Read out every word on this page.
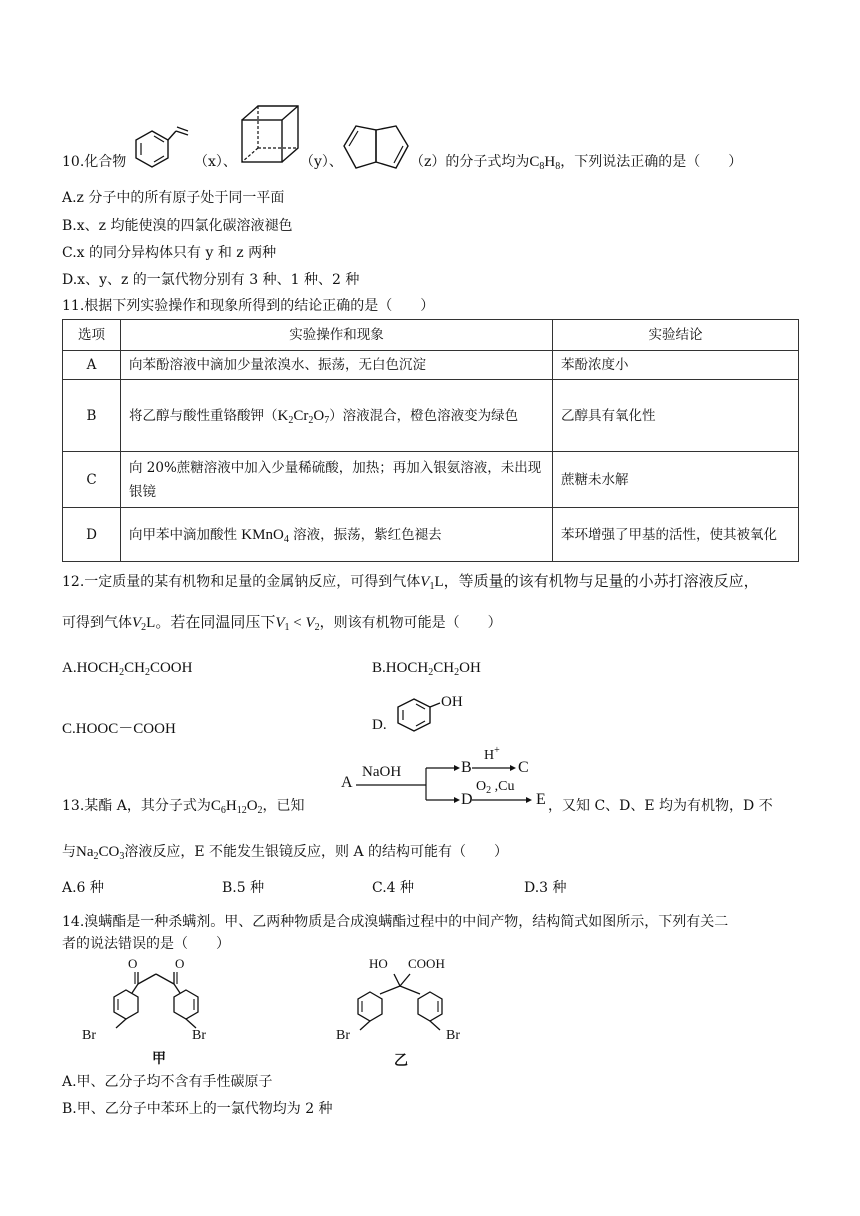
10.化合物	（x）、	（y）、	（z）的分子式均为$C_8H_8$，下列说法正确的是（　　）
A.z 分子中的所有原子处于同一平面
B.x、z 均能使溴的四氯化碳溶液褪色
C.x 的同分异构体只有 y 和 z 两种
D.x、y、z 的一氯代物分别有 3 种、1 种、2 种
11.根据下列实验操作和现象所得到的结论正确的是（　　）
选项	实验操作和现象	实验结论
A	向苯酚溶液中滴加少量浓溴水、振荡，无白色沉淀	苯酚浓度小
B	将乙醇与酸性重铬酸钾$(K_2Cr_2O_7)$溶液混合，橙色溶液变为绿色	乙醇具有氧化性
C	向 20%蔗糖溶液中加入少量稀硫酸，加热；再加入银氨溶液，未出现银镜	蔗糖未水解
D	向甲苯中滴加酸性 KMnO$_4$ 溶液，振荡，紫红色褪去	苯环增强了甲基的活性，使其被氧化
12.一定质量的某有机物和足量的金属钠反应，可得到气体$V_1L$，等质量的该有机物与足量的小苏打溶液反应，
可得到气体$V_2L$。若在同温同压下$V_1 < V_2$，则该有机物可能是（　　）
$A.HOCH_2CH_2COOH$	$B.HOCH_2CH_2OH$
C.HOOC－COOH	D.
OH
13.某酯 A，其分子式为$C_6H_{12}O_2$，已知
A
NaOH	B
H+
C
D
$O_2$ ,Cu
E ，又知 C、D、E 均为有机物，D 不
与$Na_2CO_3$溶液反应，E 不能发生银镜反应，则 A 的结构可能有（　　）
A.6 种	B.5 种	C.4 种	D.3 种
14.溴螨酯是一种杀螨剂。甲、乙两种物质是合成溴螨酯过程中的中间产物，结构简式如图所示，下列有关二
者的说法错误的是（　　）
O	O
Br	Br
甲
HO COOH
Br	Br
乙
A.甲、乙分子均不含有手性碳原子
B.甲、乙分子中苯环上的一氯代物均为 2 种
